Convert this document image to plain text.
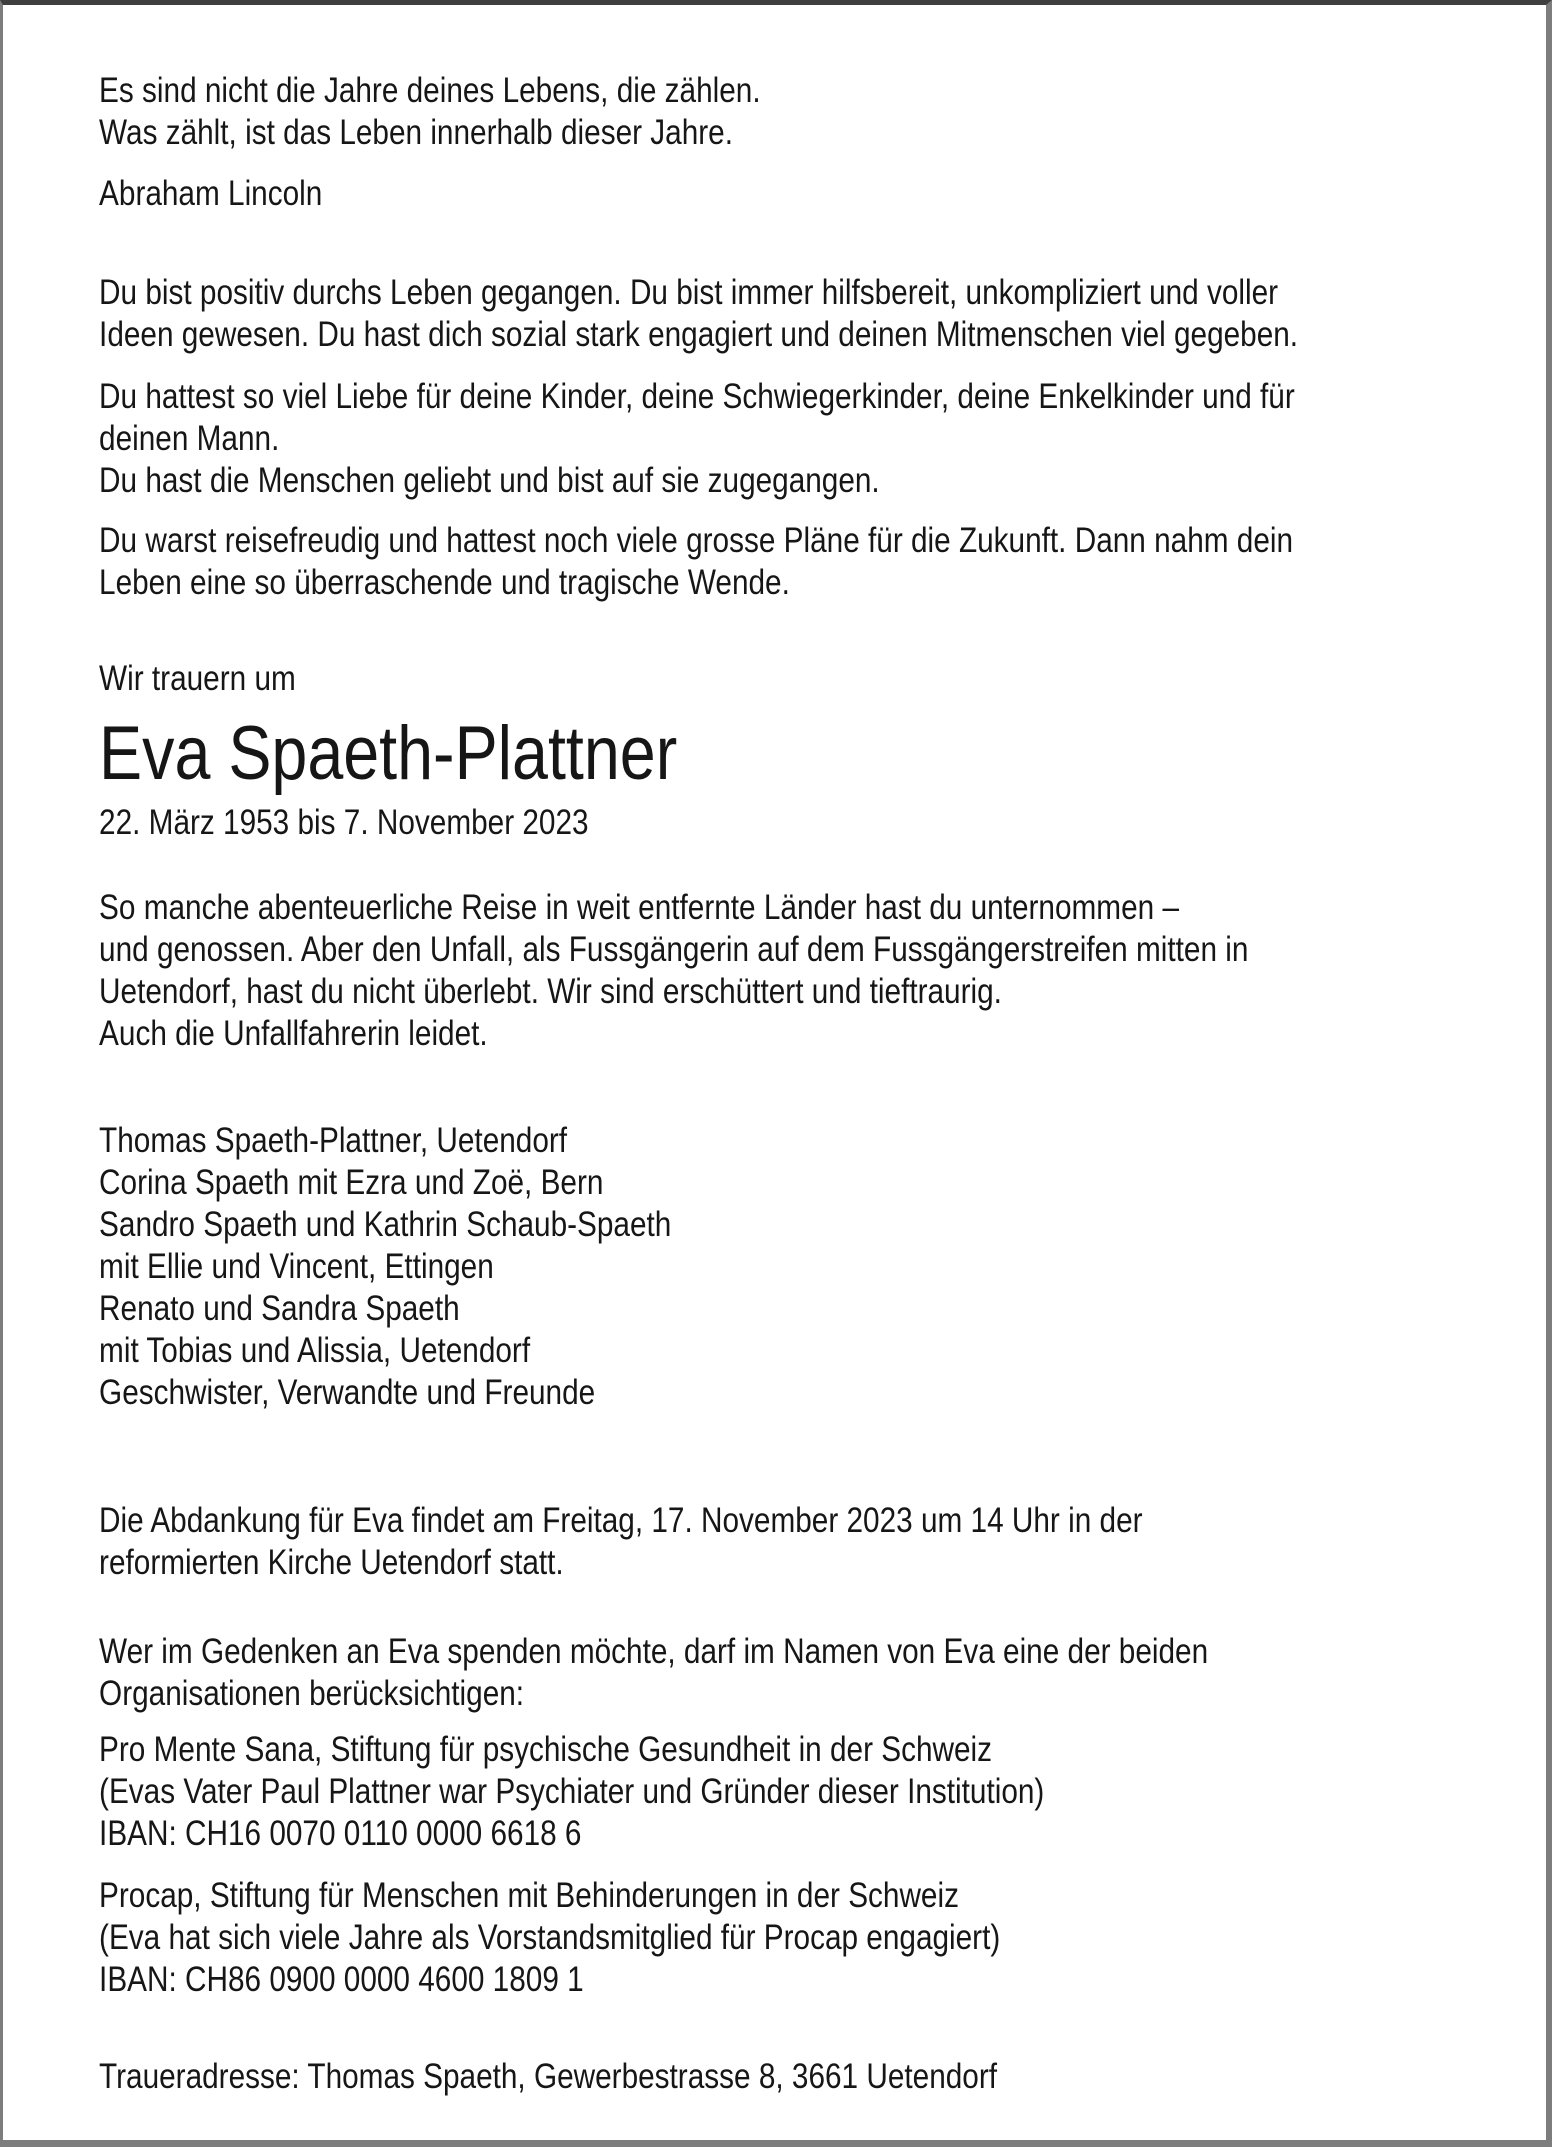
Es sind nicht die Jahre deines Lebens, die zählen.
Was zählt, ist das Leben innerhalb dieser Jahre.
Abraham Lincoln
Du bist positiv durchs Leben gegangen. Du bist immer hilfsbereit, unkompliziert und voller
Ideen gewesen. Du hast dich sozial stark engagiert und deinen Mitmenschen viel gegeben.
Du hattest so viel Liebe für deine Kinder, deine Schwiegerkinder, deine Enkelkinder und für
deinen Mann.
Du hast die Menschen geliebt und bist auf sie zugegangen.
Du warst reisefreudig und hattest noch viele grosse Pläne für die Zukunft. Dann nahm dein
Leben eine so überraschende und tragische Wende.
Wir trauern um
Eva Spaeth-Plattner
22. März 1953 bis 7. November 2023
So manche abenteuerliche Reise in weit entfernte Länder hast du unternommen –
und genossen. Aber den Unfall, als Fussgängerin auf dem Fussgängerstreifen mitten in
Uetendorf, hast du nicht überlebt. Wir sind erschüttert und tieftraurig.
Auch die Unfallfahrerin leidet.
Thomas Spaeth-Plattner, Uetendorf
Corina Spaeth mit Ezra und Zoë, Bern
Sandro Spaeth und Kathrin Schaub-Spaeth
mit Ellie und Vincent, Ettingen
Renato und Sandra Spaeth
mit Tobias und Alissia, Uetendorf
Geschwister, Verwandte und Freunde
Die Abdankung für Eva findet am Freitag, 17. November 2023 um 14 Uhr in der
reformierten Kirche Uetendorf statt.
Wer im Gedenken an Eva spenden möchte, darf im Namen von Eva eine der beiden
Organisationen berücksichtigen:
Pro Mente Sana, Stiftung für psychische Gesundheit in der Schweiz
(Evas Vater Paul Plattner war Psychiater und Gründer dieser Institution)
IBAN: CH16 0070 0110 0000 6618 6
Procap, Stiftung für Menschen mit Behinderungen in der Schweiz
(Eva hat sich viele Jahre als Vorstandsmitglied für Procap engagiert)
IBAN: CH86 0900 0000 4600 1809 1
Traueradresse: Thomas Spaeth, Gewerbestrasse 8, 3661 Uetendorf
